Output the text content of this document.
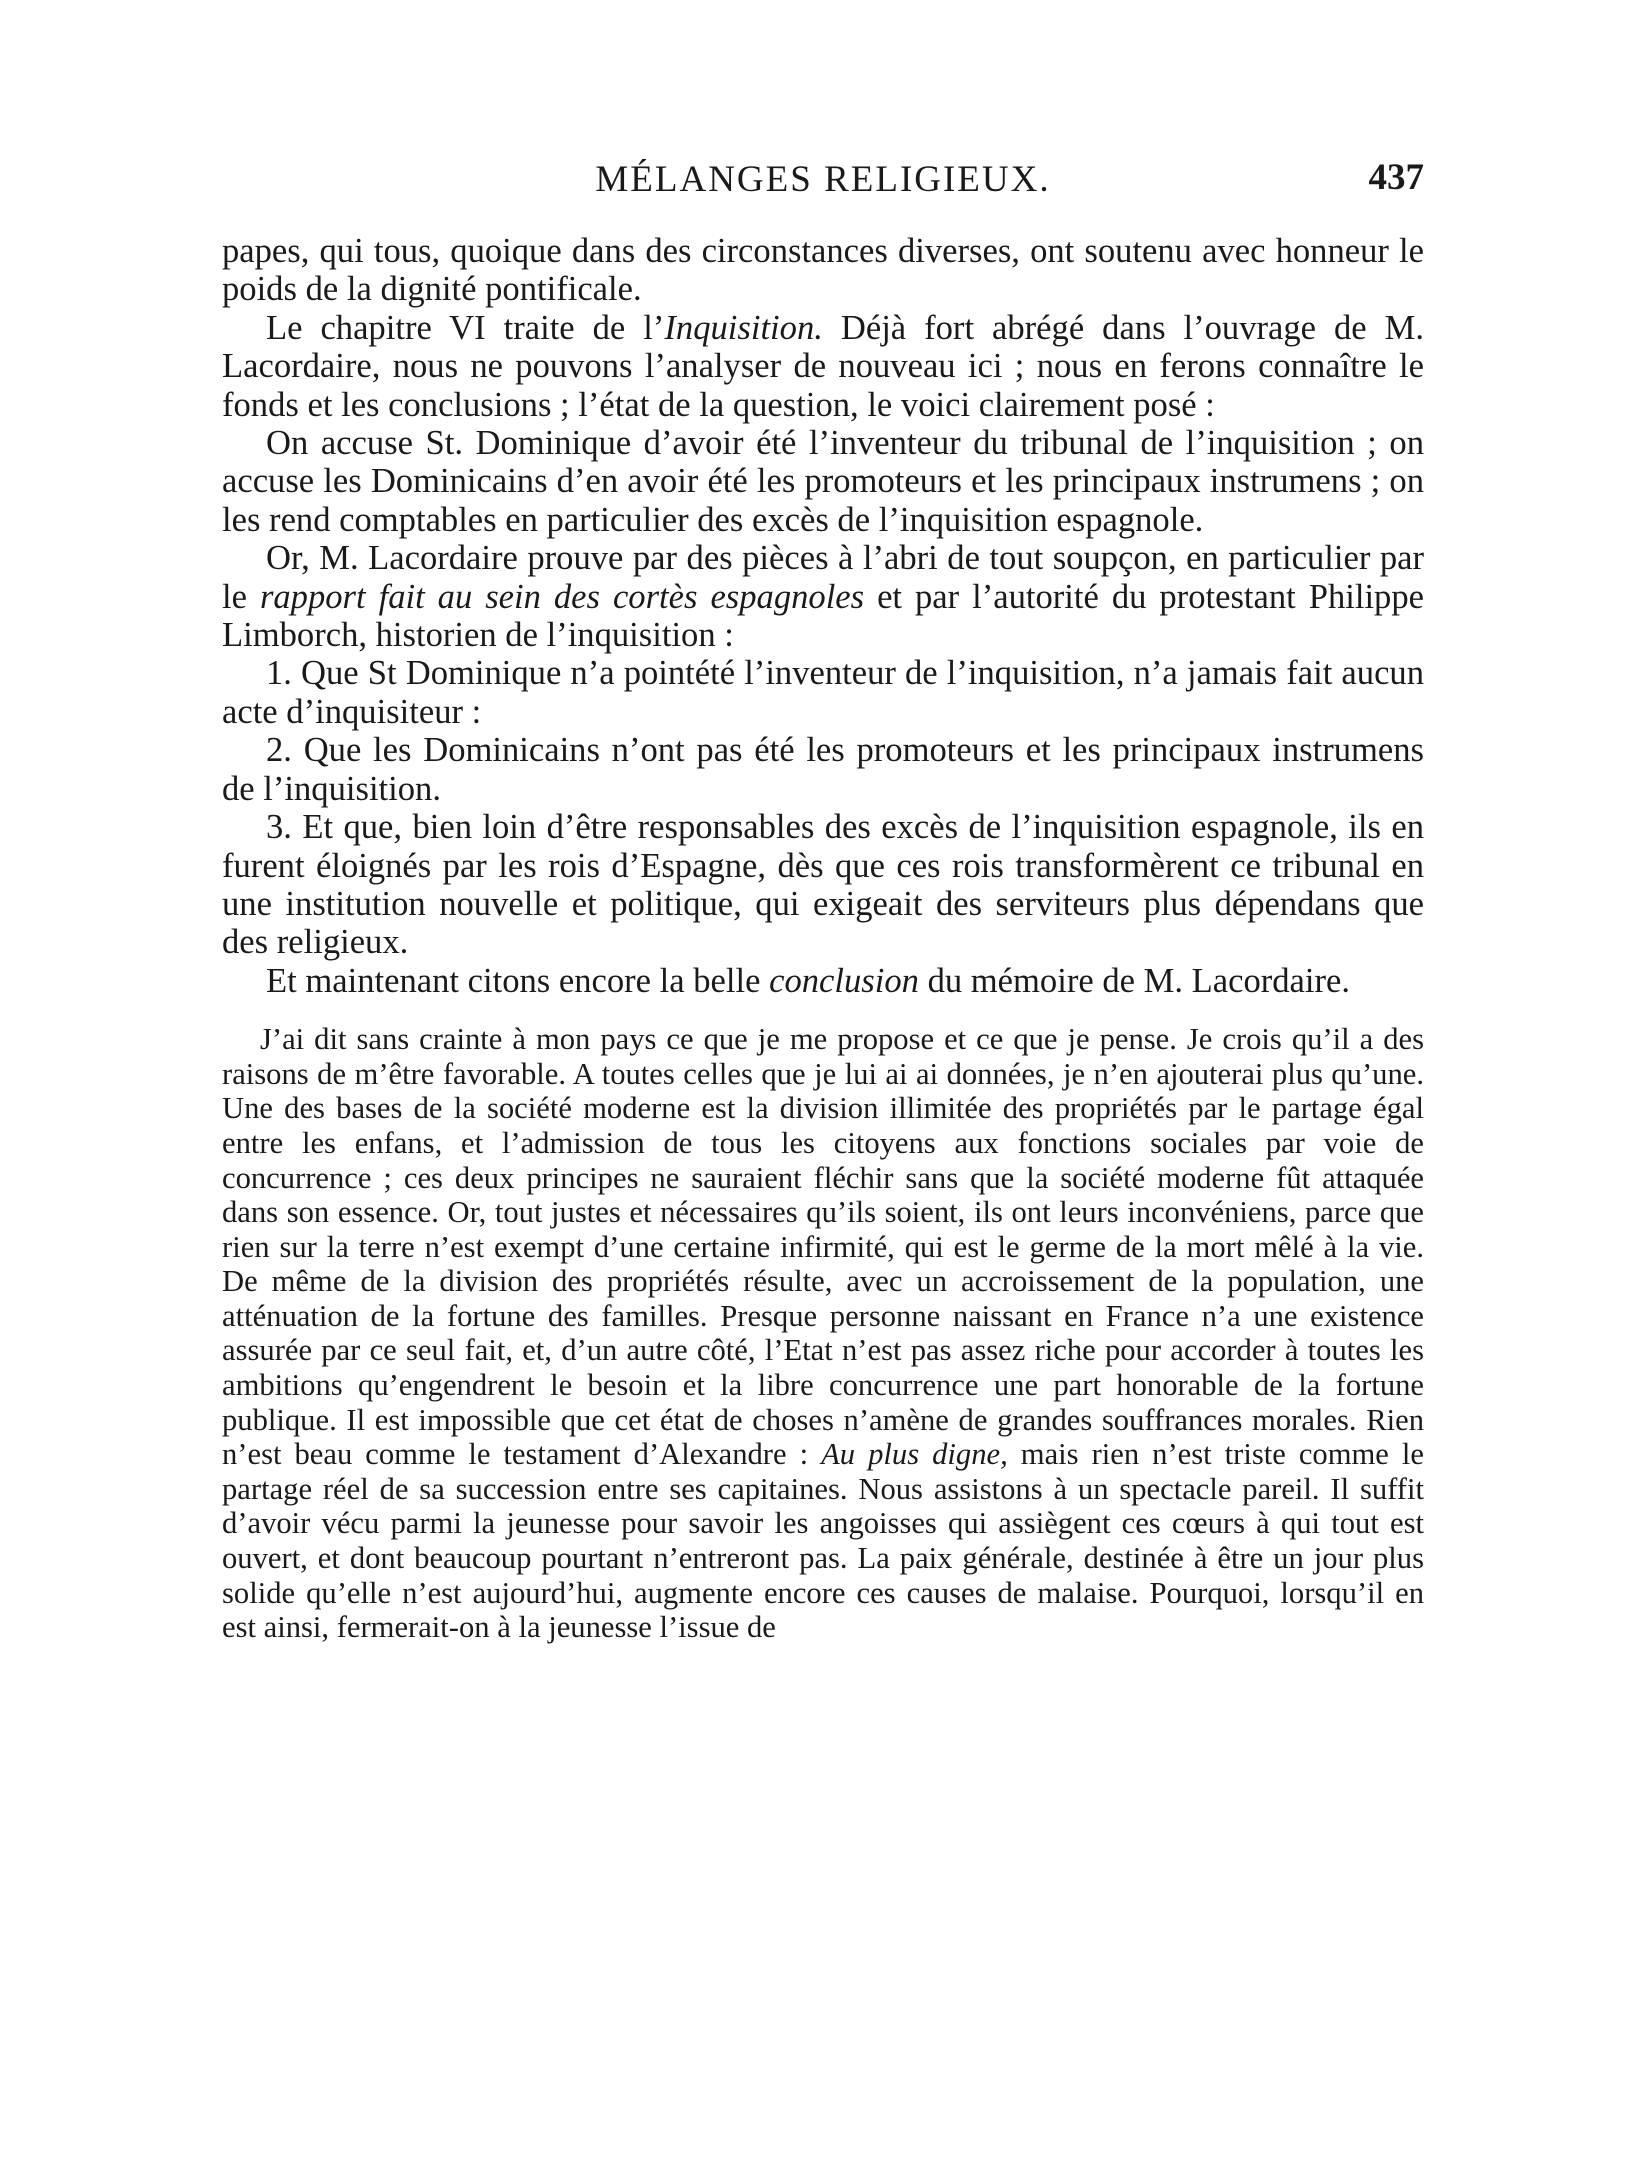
MÉLANGES RELIGIEUX.	437

papes, qui tous, quoique dans des circonstances diverses, ont soutenu avec honneur le poids de la dignité pontificale.

Le chapitre VI traite de l’Inquisition. Déjà fort abrégé dans l’ouvrage de M. Lacordaire, nous ne pouvons l’analyser de nouveau ici ; nous en ferons connaître le fonds et les conclusions ; l’état de la question, le voici clairement posé :

On accuse St. Dominique d’avoir été l’inventeur du tribunal de l’inquisition ; on accuse les Dominicains d’en avoir été les promoteurs et les principaux instrumens ; on les rend comptables en particulier des excès de l’inquisition espagnole.

Or, M. Lacordaire prouve par des pièces à l’abri de tout soupçon, en particulier par le rapport fait au sein des cortès espagnoles et par l’autorité du protestant Philippe Limborch, historien de l’inquisition :

1. Que St Dominique n’a pointété l’inventeur de l’inquisition, n’a jamais fait aucun acte d’inquisiteur :

2. Que les Dominicains n’ont pas été les promoteurs et les principaux instrumens de l’inquisition.

3. Et que, bien loin d’être responsables des excès de l’inquisition espagnole, ils en furent éloignés par les rois d’Espagne, dès que ces rois transformèrent ce tribunal en une institution nouvelle et politique, qui exigeait des serviteurs plus dépendans que des religieux.

Et maintenant citons encore la belle conclusion du mémoire de M. Lacordaire.

J’ai dit sans crainte à mon pays ce que je me propose et ce que je pense. Je crois qu’il a des raisons de m’être favorable. A toutes celles que je lui ai ai données, je n’en ajouterai plus qu’une. Une des bases de la société moderne est la division illimitée des propriétés par le partage égal entre les enfans, et l’admission de tous les citoyens aux fonctions sociales par voie de concurrence ; ces deux principes ne sauraient fléchir sans que la société moderne fût attaquée dans son essence. Or, tout justes et nécessaires qu’ils soient, ils ont leurs inconvéniens, parce que rien sur la terre n’est exempt d’une certaine infirmité, qui est le germe de la mort mêlé à la vie. De même de la division des propriétés résulte, avec un accroissement de la population, une atténuation de la fortune des familles. Presque personne naissant en France n’a une existence assurée par ce seul fait, et, d’un autre côté, l’Etat n’est pas assez riche pour accorder à toutes les ambitions qu’engendrent le besoin et la libre concurrence une part honorable de la fortune publique. Il est impossible que cet état de choses n’amène de grandes souffrances morales. Rien n’est beau comme le testament d’Alexandre : Au plus digne, mais rien n’est triste comme le partage réel de sa succession entre ses capitaines. Nous assistons à un spectacle pareil. Il suffit d’avoir vécu parmi la jeunesse pour savoir les angoisses qui assiègent ces cœurs à qui tout est ouvert, et dont beaucoup pourtant n’entreront pas. La paix générale, destinée à être un jour plus solide qu’elle n’est aujourd’hui, augmente encore ces causes de malaise. Pourquoi, lorsqu’il en est ainsi, fermerait-on à la jeunesse l’issue de
